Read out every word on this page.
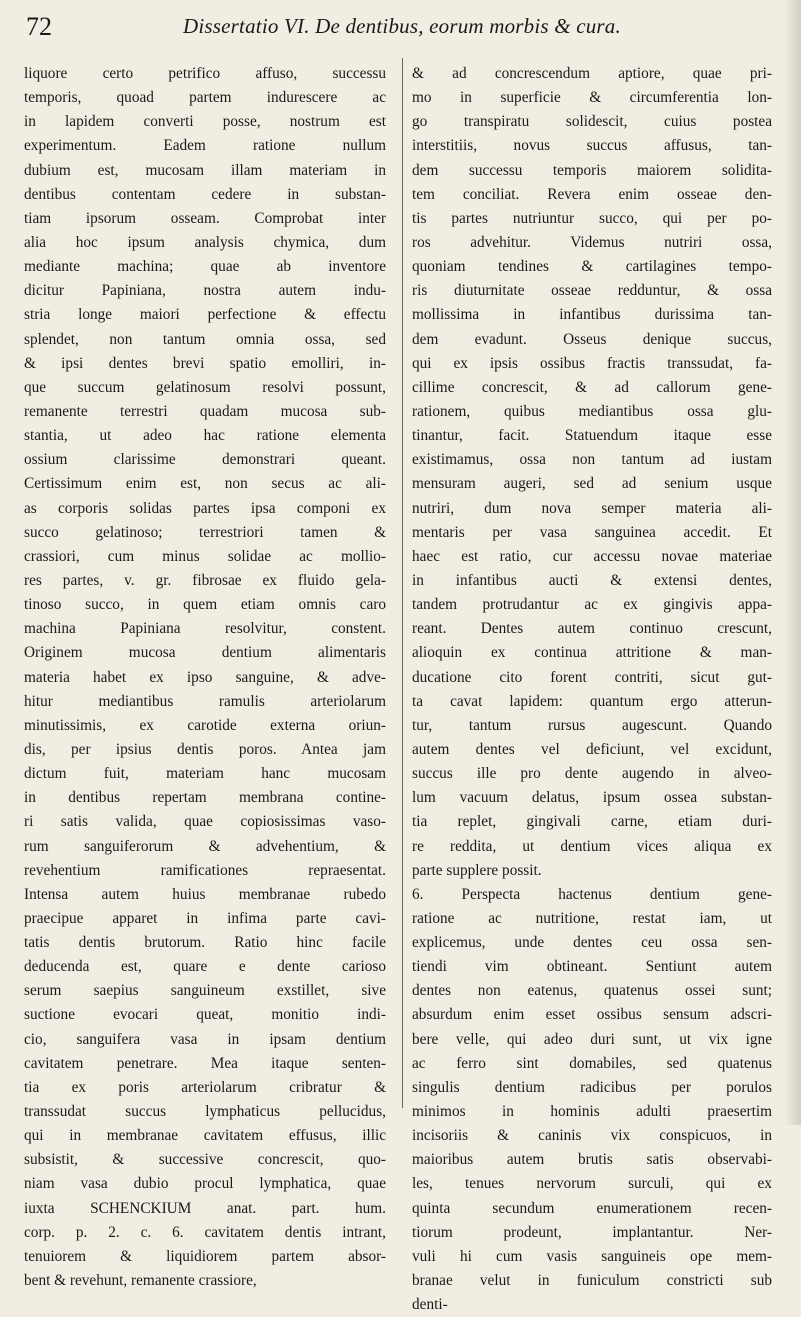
72	Dissertatio VI. De dentibus, eorum morbis & cura.
liquore certo petrifico affuso, successu
temporis, quoad partem indurescere ac
in lapidem converti posse, nostrum est
experimentum. Eadem ratione nullum
dubium est, mucosam illam materiam in
dentibus contentam cedere in substan-
tiam ipsorum osseam. Comprobat inter
alia hoc ipsum analysis chymica, dum
mediante machina; quae ab inventore
dicitur Papiniana, nostra autem indu-
stria longe maiori perfectione & effectu
splendet, non tantum omnia ossa, sed
& ipsi dentes brevi spatio emolliri, in-
que succum gelatinosum resolvi possunt,
remanente terrestri quadam mucosa sub-
stantia, ut adeo hac ratione elementa
ossium clarissime demonstrari queant.
Certissimum enim est, non secus ac ali-
as corporis solidas partes ipsa componi ex
succo gelatinoso; terrestriori tamen &
crassiori, cum minus solidae ac mollio-
res partes, v. gr. fibrosae ex fluido gela-
tinoso succo, in quem etiam omnis caro
machina Papiniana resolvitur, constent.
Originem mucosa dentium alimentaris
materia habet ex ipso sanguine, & adve-
hitur mediantibus ramulis arteriolarum
minutissimis, ex carotide externa oriun-
dis, per ipsius dentis poros. Antea jam
dictum fuit, materiam hanc mucosam
in dentibus repertam membrana contine-
ri satis valida, quae copiosissimas vaso-
rum sanguiferorum & advehentium, &
revehentium ramificationes repraesentat.
Intensa autem huius membranae rubedo
praecipue apparet in infima parte cavi-
tatis dentis brutorum. Ratio hinc facile
deducenda est, quare e dente carioso
serum saepius sanguineum exstillet, sive
suctione evocari queat, monitio indi-
cio, sanguifera vasa in ipsam dentium
cavitatem penetrare. Mea itaque senten-
tia ex poris arteriolarum cribratur &
transsudat succus lymphaticus pellucidus,
qui in membranae cavitatem effusus, illic
subsistit, & successive concrescit, quo-
niam vasa dubio procul lymphatica, quae
iuxta SCHENCKIUM anat. part. hum.
corp. p. 2. c. 6. cavitatem dentis intrant,
tenuiorem & liquidiorem partem absor-
bent & revehunt, remanente crassiore,
& ad concrescendum aptiore, quae pri-
mo in superficie & circumferentia lon-
go transpiratu solidescit, cuius postea
interstitiis, novus succus affusus, tan-
dem successu temporis maiorem solidita-
tem conciliat. Revera enim osseae den-
tis partes nutriuntur succo, qui per po-
ros advehitur. Videmus nutriri ossa,
quoniam tendines & cartilagines tempo-
ris diuturnitate osseae redduntur, & ossa
mollissima in infantibus durissima tan-
dem evadunt. Osseus denique succus,
qui ex ipsis ossibus fractis transsudat, fa-
cillime concrescit, & ad callorum gene-
rationem, quibus mediantibus ossa glu-
tinantur, facit. Statuendum itaque esse
existimamus, ossa non tantum ad iustam
mensuram augeri, sed ad senium usque
nutriri, dum nova semper materia ali-
mentaris per vasa sanguinea accedit. Et
haec est ratio, cur accessu novae materiae
in infantibus aucti & extensi dentes,
tandem protrudantur ac ex gingivis appa-
reant. Dentes autem continuo crescunt,
alioquin ex continua attritione & man-
ducatione cito forent contriti, sicut gut-
ta cavat lapidem: quantum ergo atterun-
tur, tantum rursus augescunt. Quando
autem dentes vel deficiunt, vel excidunt,
succus ille pro dente augendo in alveo-
lum vacuum delatus, ipsum ossea substan-
tia replet, gingivali carne, etiam duri-
re reddita, ut dentium vices aliqua ex
parte supplere possit.
6. Perspecta hactenus dentium gene-
ratione ac nutritione, restat iam, ut
explicemus, unde dentes ceu ossa sen-
tiendi vim obtineant. Sentiunt autem
dentes non eatenus, quatenus ossei sunt;
absurdum enim esset ossibus sensum adscri-
bere velle, qui adeo duri sunt, ut vix igne
ac ferro sint domabiles, sed quatenus
singulis dentium radicibus per porulos
minimos in hominis adulti praesertim
incisoriis & caninis vix conspicuos, in
maioribus autem brutis satis observabi-
les, tenues nervorum surculi, qui ex
quinta secundum enumerationem recen-
tiorum prodeunt, implantantur. Ner-
vuli hi cum vasis sanguineis ope mem-
branae velut in funiculum constricti sub
denti-
